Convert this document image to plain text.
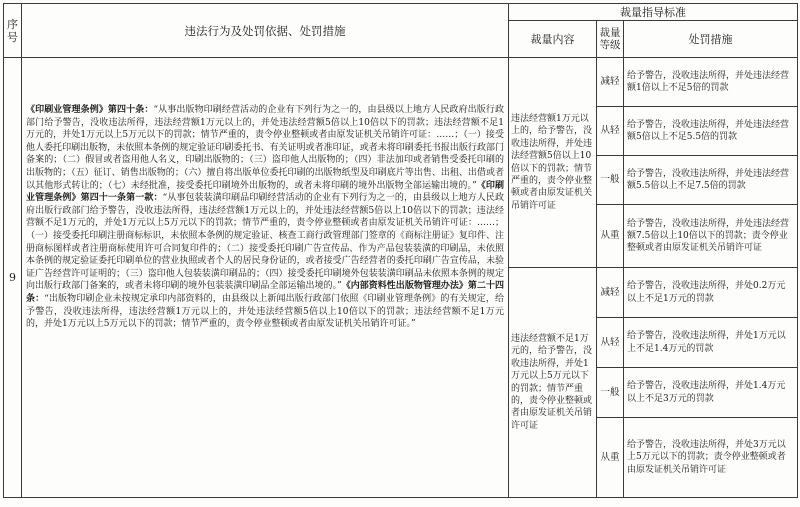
序号	违法行为及处罚依据、处罚措施	裁量指导标准		
		裁量内容	裁量等级	处罚措施
9	《印刷业管理条例》第四十条：“从事出版物印刷经营活动的企业有下列行为之一的，由县级以上地方人民政府出版行政部门给予警告，没收违法所得，违法经营额1万元以上的，并处违法经营额5倍以上10倍以下的罚款；违法经营额不足1万元的，并处1万元以上5万元以下的罚款；情节严重的，责令停业整顿或者由原发证机关吊销许可证：……；（一）接受他人委托印刷出版物，未依照本条例的规定验证印刷委托书、有关证明或者准印证，或者未将印刷委托书报出版行政部门备案的；（二）假冒或者盗用他人名义，印刷出版物的；（三）盗印他人出版物的；（四）非法加印或者销售受委托印刷的出版物的；（五）征订、销售出版物的；（六）擅自将出版单位委托印刷的出版物纸型及印刷底片等出售、出租、出借或者以其他形式转让的；（七）未经批准，接受委托印刷境外出版物的，或者未将印刷的境外出版物全部运输出境的。”《印刷业管理条例》第四十一条第一款：“从事包装装潢印刷品印刷经营活动的企业有下列行为之一的，由县级以上地方人民政府出版行政部门给予警告，没收违法所得，违法经营额1万元以上的，并处违法经营额5倍以上10倍以下的罚款；违法经营额不足1万元的，并处1万元以上5万元以下的罚款；情节严重的，责令停业整顿或者由原发证机关吊销许可证：……；（一）接受委托印刷注册商标标识，未依照本条例的规定验证、核查工商行政管理部门签章的《商标注册证》复印件、注册商标图样或者注册商标使用许可合同复印件的；（二）接受委托印刷广告宣传品、作为产品包装装潢的印刷品，未依照本条例的规定验证委托印刷单位的营业执照或者个人的居民身份证的，或者接受广告经营者的委托印刷广告宣传品，未验证广告经营许可证明的；（三）盗印他人包装装潢印刷品的；（四）接受委托印刷境外包装装潢印刷品未依照本条例的规定向出版行政部门备案的，或者未将印刷的境外包装装潢印刷品全部运输出境的。”《内部资料性出版物管理办法》第二十四条：“出版物印刷企业未按规定承印内部资料的，由县级以上新闻出版行政部门依照《印刷业管理条例》的有关规定，给予警告，没收违法所得，违法经营额1万元以上的，并处违法经营额5倍以上10倍以下的罚款；违法经营额不足1万元的，并处1万元以上5万元以下的罚款；情节严重的，责令停业整顿或者由原发证机关吊销许可证。”	违法经营额1万元以上的，给予警告，没收违法所得，并处违法经营额5倍以上10倍以下的罚款；情节严重的，责令停业整顿或者由原发证机关吊销许可证	减轻	给予警告，没收违法所得，并处违法经营额1倍以上不足5倍的罚款
			从轻	给予警告，没收违法所得，并处违法经营额5倍以上不足5.5倍的罚款
			一般	给予警告，没收违法所得，并处违法经营额5.5倍以上不足7.5倍的罚款
			从重	给予警告，没收违法所得，并处违法经营额7.5倍以上10倍以下的罚款；责令停业整顿或者由原发证机关吊销许可证
		违法经营额不足1万元的，给予警告，没收违法所得，并处1万元以上5万元以下的罚款；情节严重的，责令停业整顿或者由原发证机关吊销许可证	减轻	给予警告，没收违法所得，并处0.2万元以上不足1万元的罚款
			从轻	给予警告，没收违法所得，并处1万元以上不足1.4万元的罚款
			一般	给予警告，没收违法所得，并处1.4万元以上不足3万元的罚款
			从重	给予警告，没收违法所得，并处3万元以上5万元以下的罚款；责令停业整顿或者由原发证机关吊销许可证
